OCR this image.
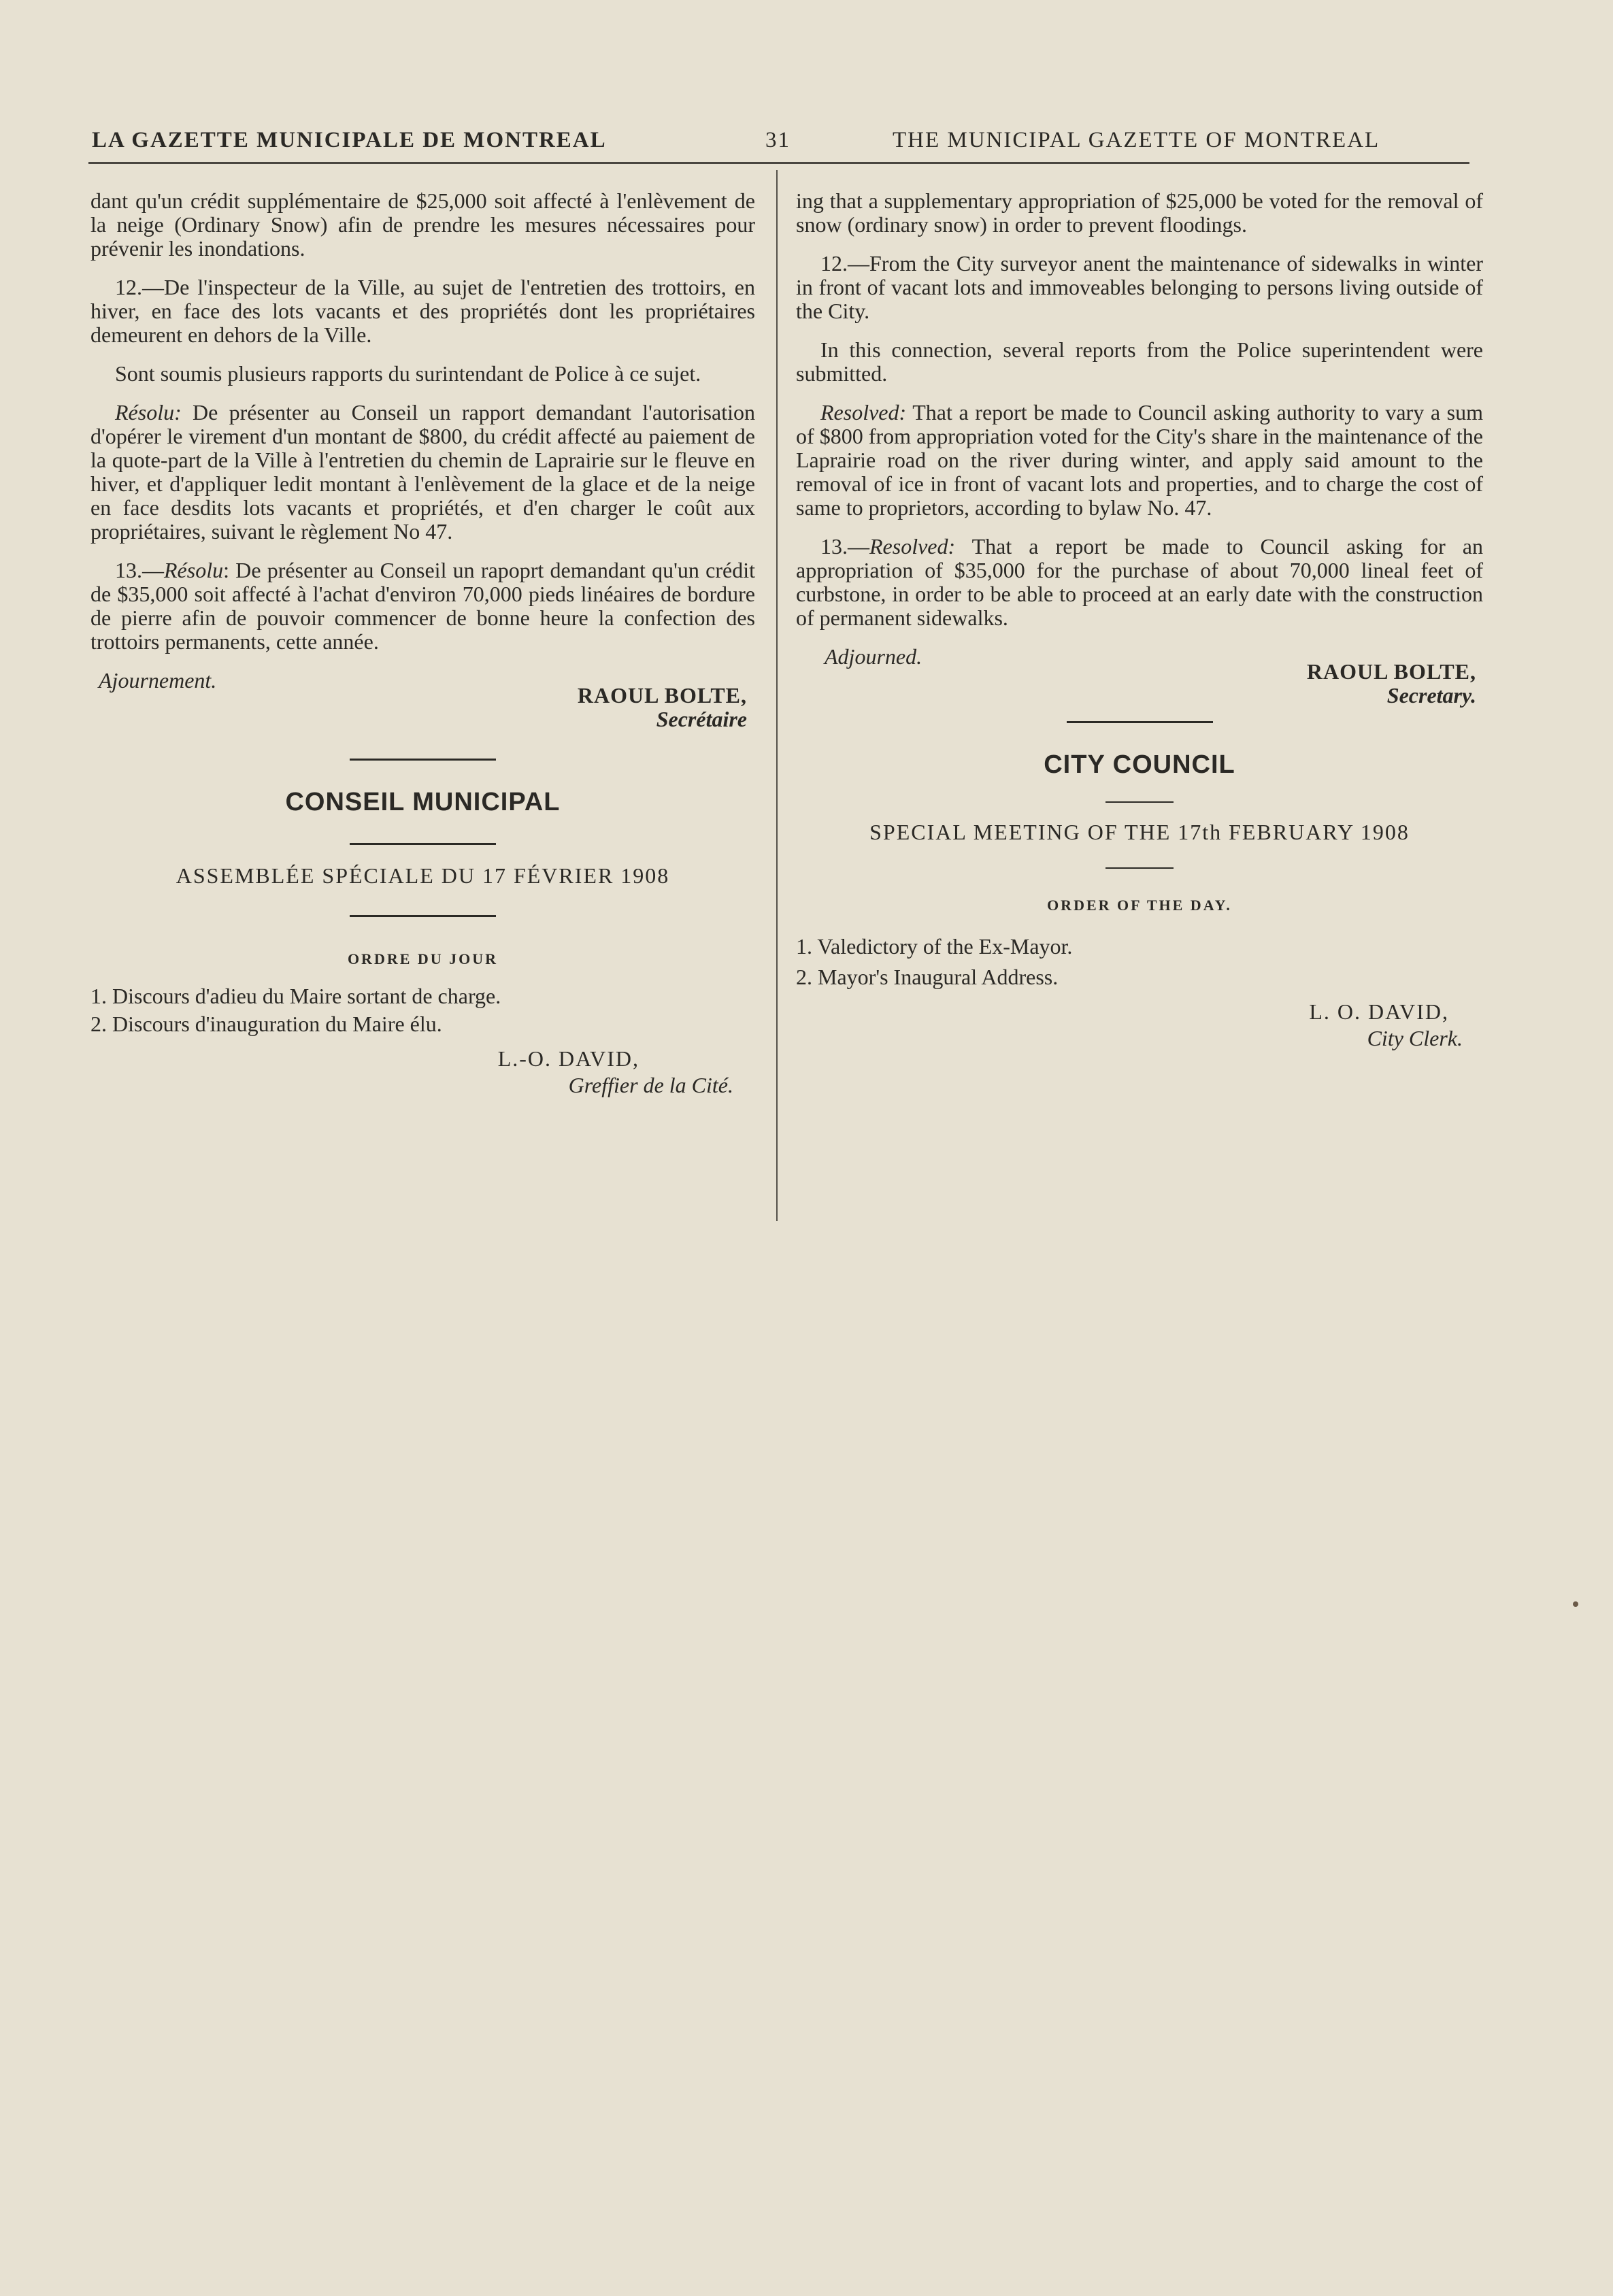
LA GAZETTE MUNICIPALE DE MONTREAL	31	THE MUNICIPAL GAZETTE OF MONTREAL

dant qu'un crédit supplémentaire de $25,000 soit affecté à l'enlèvement de la neige (Ordinary Snow) afin de prendre les mesures nécessaires pour prévenir les inondations.

12.—De l'inspecteur de la Ville, au sujet de l'entretien des trottoirs, en hiver, en face des lots vacants et des propriétés dont les propriétaires demeurent en dehors de la Ville.

Sont soumis plusieurs rapports du surintendant de Police à ce sujet.

Résolu: De présenter au Conseil un rapport demandant l'autorisation d'opérer le virement d'un montant de $800, du crédit affecté au paiement de la quote-part de la Ville à l'entretien du chemin de Laprairie sur le fleuve en hiver, et d'appliquer ledit montant à l'enlèvement de la glace et de la neige en face desdits lots vacants et propriétés, et d'en charger le coût aux propriétaires, suivant le règlement No 47.

13.—Résolu: De présenter au Conseil un rapoprt demandant qu'un crédit de $35,000 soit affecté à l'achat d'environ 70,000 pieds linéaires de bordure de pierre afin de pouvoir commencer de bonne heure la confection des trottoirs permanents, cette année.

Ajournement.

RAOUL BOLTE,

Secrétaire

CONSEIL MUNICIPAL

ASSEMBLÉE SPÉCIALE DU 17 FÉVRIER 1908

ORDRE DU JOUR

1. Discours d'adieu du Maire sortant de charge.

2. Discours d'inauguration du Maire élu.

L.-O. DAVID,

Greffier de la Cité.

ing that a supplementary appropriation of $25,000 be voted for the removal of snow (ordinary snow) in order to prevent floodings.

12.—From the City surveyor anent the maintenance of sidewalks in winter in front of vacant lots and immoveables belonging to persons living outside of the City.

In this connection, several reports from the Police superintendent were submitted.

Resolved: That a report be made to Council asking authority to vary a sum of $800 from appropriation voted for the City's share in the maintenance of the Laprairie road on the river during winter, and apply said amount to the removal of ice in front of vacant lots and properties, and to charge the cost of same to proprietors, according to bylaw No. 47.

13.—Resolved: That a report be made to Council asking for an appropriation of $35,000 for the purchase of about 70,000 lineal feet of curbstone, in order to be able to proceed at an early date with the construction of permanent sidewalks.

Adjourned.

RAOUL BOLTE,

Secretary.

CITY COUNCIL

SPECIAL MEETING OF THE 17th FEBRUARY 1908

ORDER OF THE DAY.

1. Valedictory of the Ex-Mayor.

2. Mayor's Inaugural Address.

L. O. DAVID,

City Clerk.
